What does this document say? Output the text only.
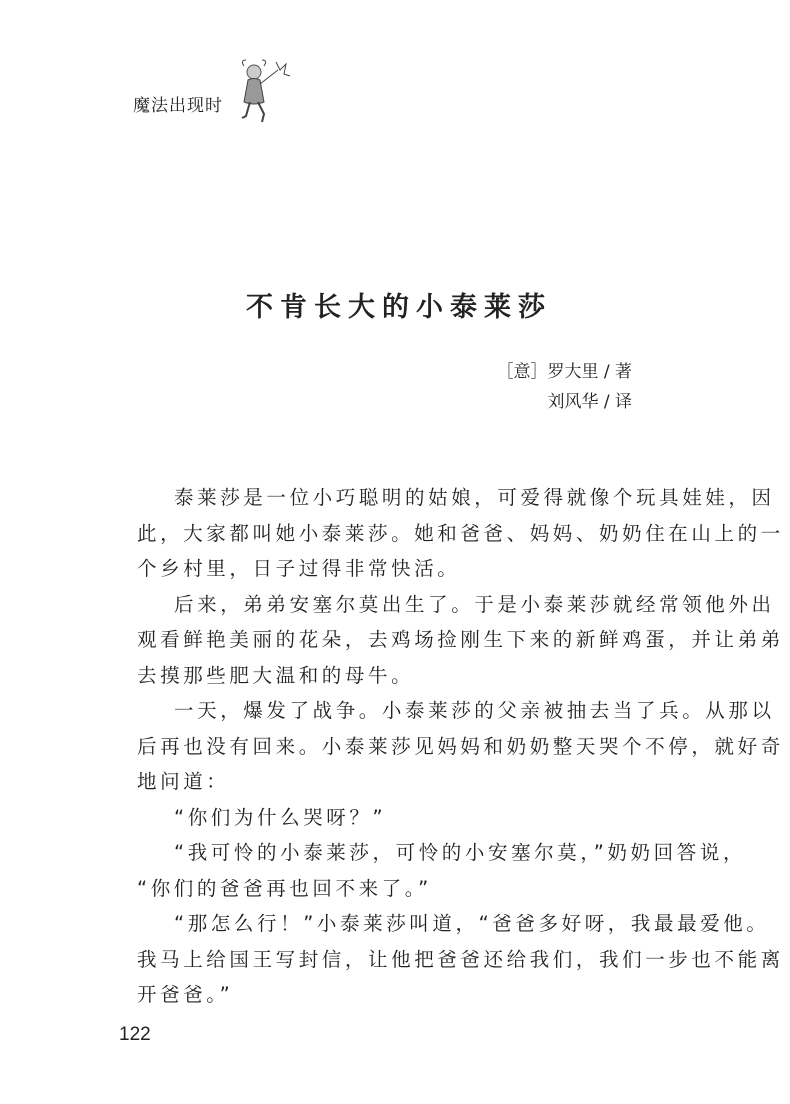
魔法出现时
不肯长大的小泰莱莎
［意］罗大里 / 著
刘风华 / 译
泰莱莎是一位小巧聪明的姑娘，可爱得就像个玩具娃娃，因
此，大家都叫她小泰莱莎。她和爸爸、妈妈、奶奶住在山上的一
个乡村里，日子过得非常快活。
后来，弟弟安塞尔莫出生了。于是小泰莱莎就经常领他外出
观看鲜艳美丽的花朵，去鸡场捡刚生下来的新鲜鸡蛋，并让弟弟
去摸那些肥大温和的母牛。
一天，爆发了战争。小泰莱莎的父亲被抽去当了兵。从那以
后再也没有回来。小泰莱莎见妈妈和奶奶整天哭个不停，就好奇
地问道：
“你们为什么哭呀？”
“我可怜的小泰莱莎，可怜的小安塞尔莫，”奶奶回答说，
“你们的爸爸再也回不来了。”
“那怎么行！”小泰莱莎叫道，“爸爸多好呀，我最最爱他。
我马上给国王写封信，让他把爸爸还给我们，我们一步也不能离
开爸爸。”
122
